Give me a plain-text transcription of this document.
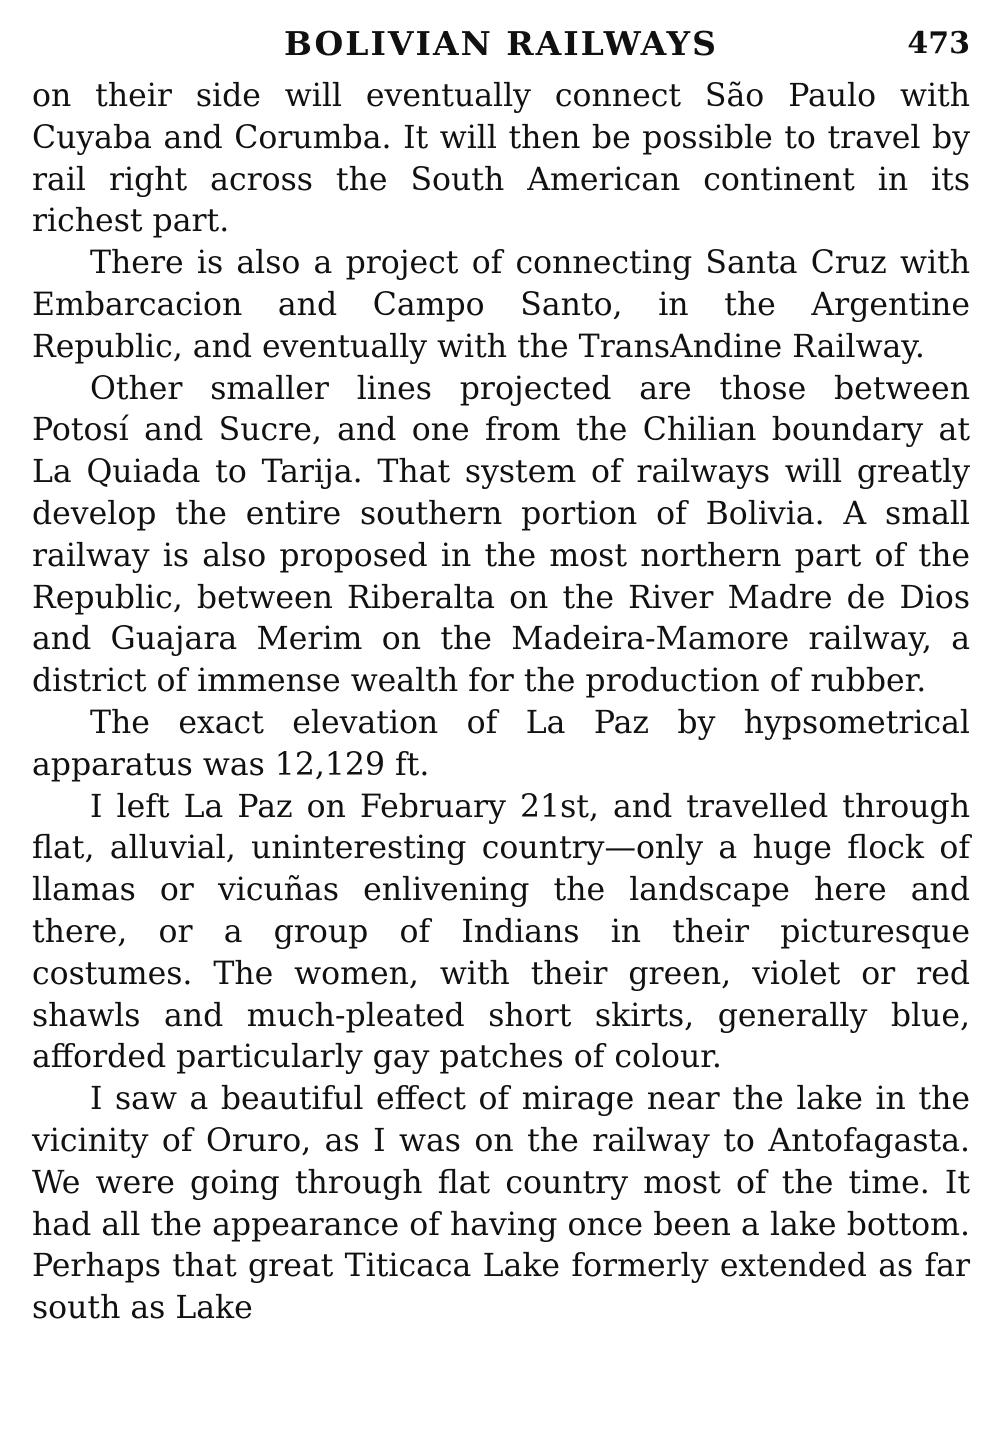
BOLIVIAN RAILWAYS	473

on their side will eventually connect São Paulo with Cuyaba and Corumba. It will then be possible to travel by rail right across the South American continent in its richest part.

There is also a project of connecting Santa Cruz with Embarcacion and Campo Santo, in the Argentine Republic, and eventually with the TransAndine Railway.

Other smaller lines projected are those between Potosí and Sucre, and one from the Chilian boundary at La Quiada to Tarija. That system of railways will greatly develop the entire southern portion of Bolivia. A small railway is also proposed in the most northern part of the Republic, between Riberalta on the River Madre de Dios and Guajara Merim on the Madeira-Mamore railway, a district of immense wealth for the production of rubber.

The exact elevation of La Paz by hypsometrical apparatus was 12,129 ft.

I left La Paz on February 21st, and travelled through flat, alluvial, uninteresting country—only a huge flock of llamas or vicuñas enlivening the landscape here and there, or a group of Indians in their picturesque costumes. The women, with their green, violet or red shawls and much-pleated short skirts, generally blue, afforded particularly gay patches of colour.

I saw a beautiful effect of mirage near the lake in the vicinity of Oruro, as I was on the railway to Antofagasta. We were going through flat country most of the time. It had all the appearance of having once been a lake bottom. Perhaps that great Titicaca Lake formerly extended as far south as Lake
